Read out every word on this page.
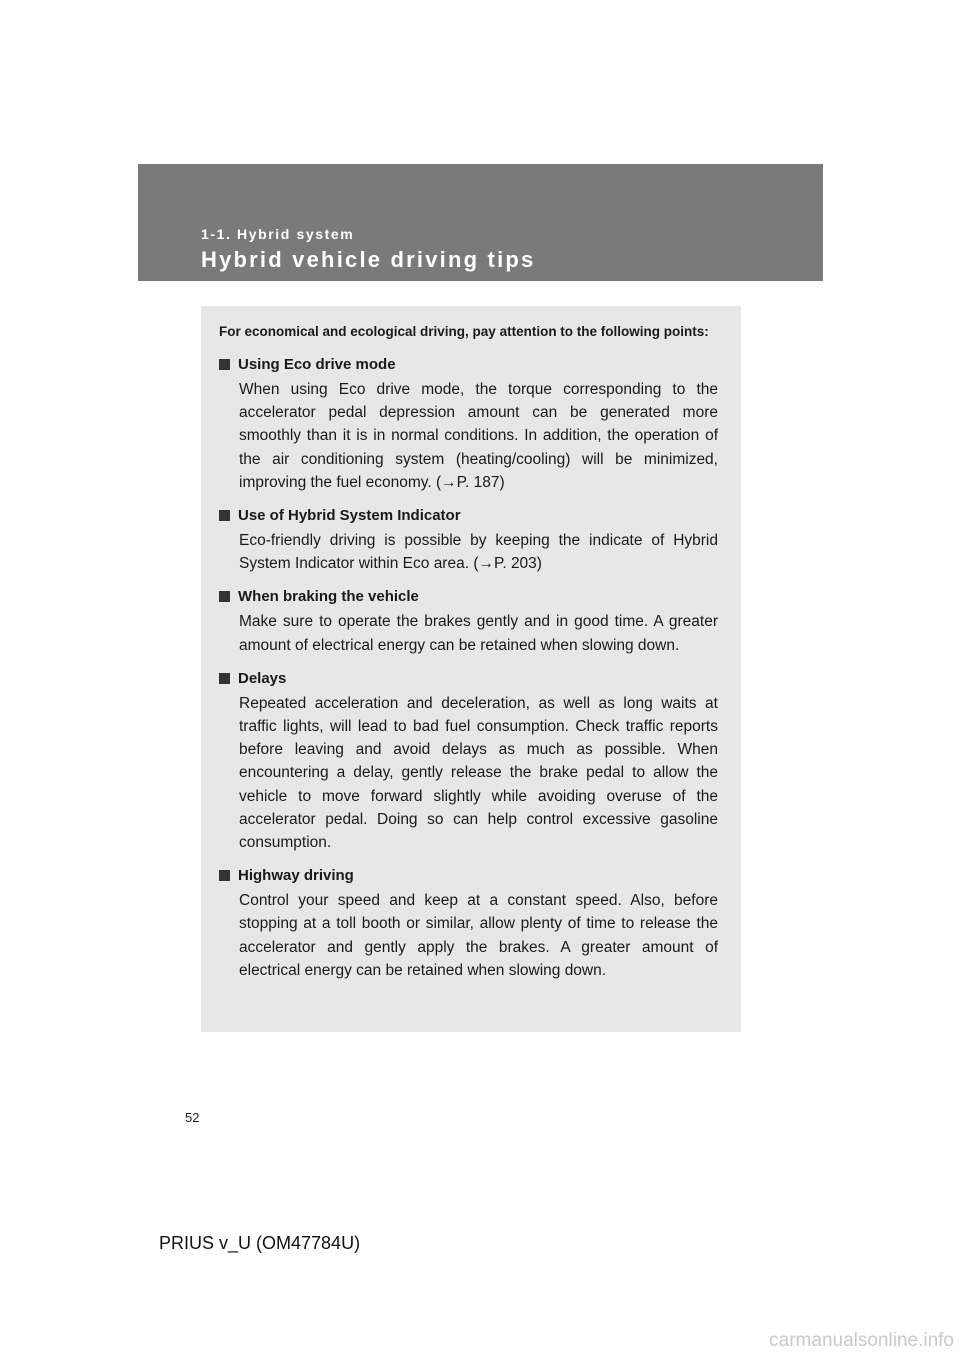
1-1. Hybrid system
Hybrid vehicle driving tips
For economical and ecological driving, pay attention to the following points:
Using Eco drive mode
When using Eco drive mode, the torque corresponding to the accelerator pedal depression amount can be generated more smoothly than it is in normal conditions. In addition, the operation of the air conditioning system (heating/cooling) will be minimized, improving the fuel economy. (→P. 187)
Use of Hybrid System Indicator
Eco-friendly driving is possible by keeping the indicate of Hybrid System Indicator within Eco area. (→P. 203)
When braking the vehicle
Make sure to operate the brakes gently and in good time. A greater amount of electrical energy can be retained when slowing down.
Delays
Repeated acceleration and deceleration, as well as long waits at traffic lights, will lead to bad fuel consumption. Check traffic reports before leaving and avoid delays as much as possible. When encountering a delay, gently release the brake pedal to allow the vehicle to move forward slightly while avoiding overuse of the accelerator pedal. Doing so can help control excessive gasoline consumption.
Highway driving
Control your speed and keep at a constant speed. Also, before stopping at a toll booth or similar, allow plenty of time to release the accelerator and gently apply the brakes. A greater amount of electrical energy can be retained when slowing down.
52
PRIUS v_U (OM47784U)
carmanualsonline.info
